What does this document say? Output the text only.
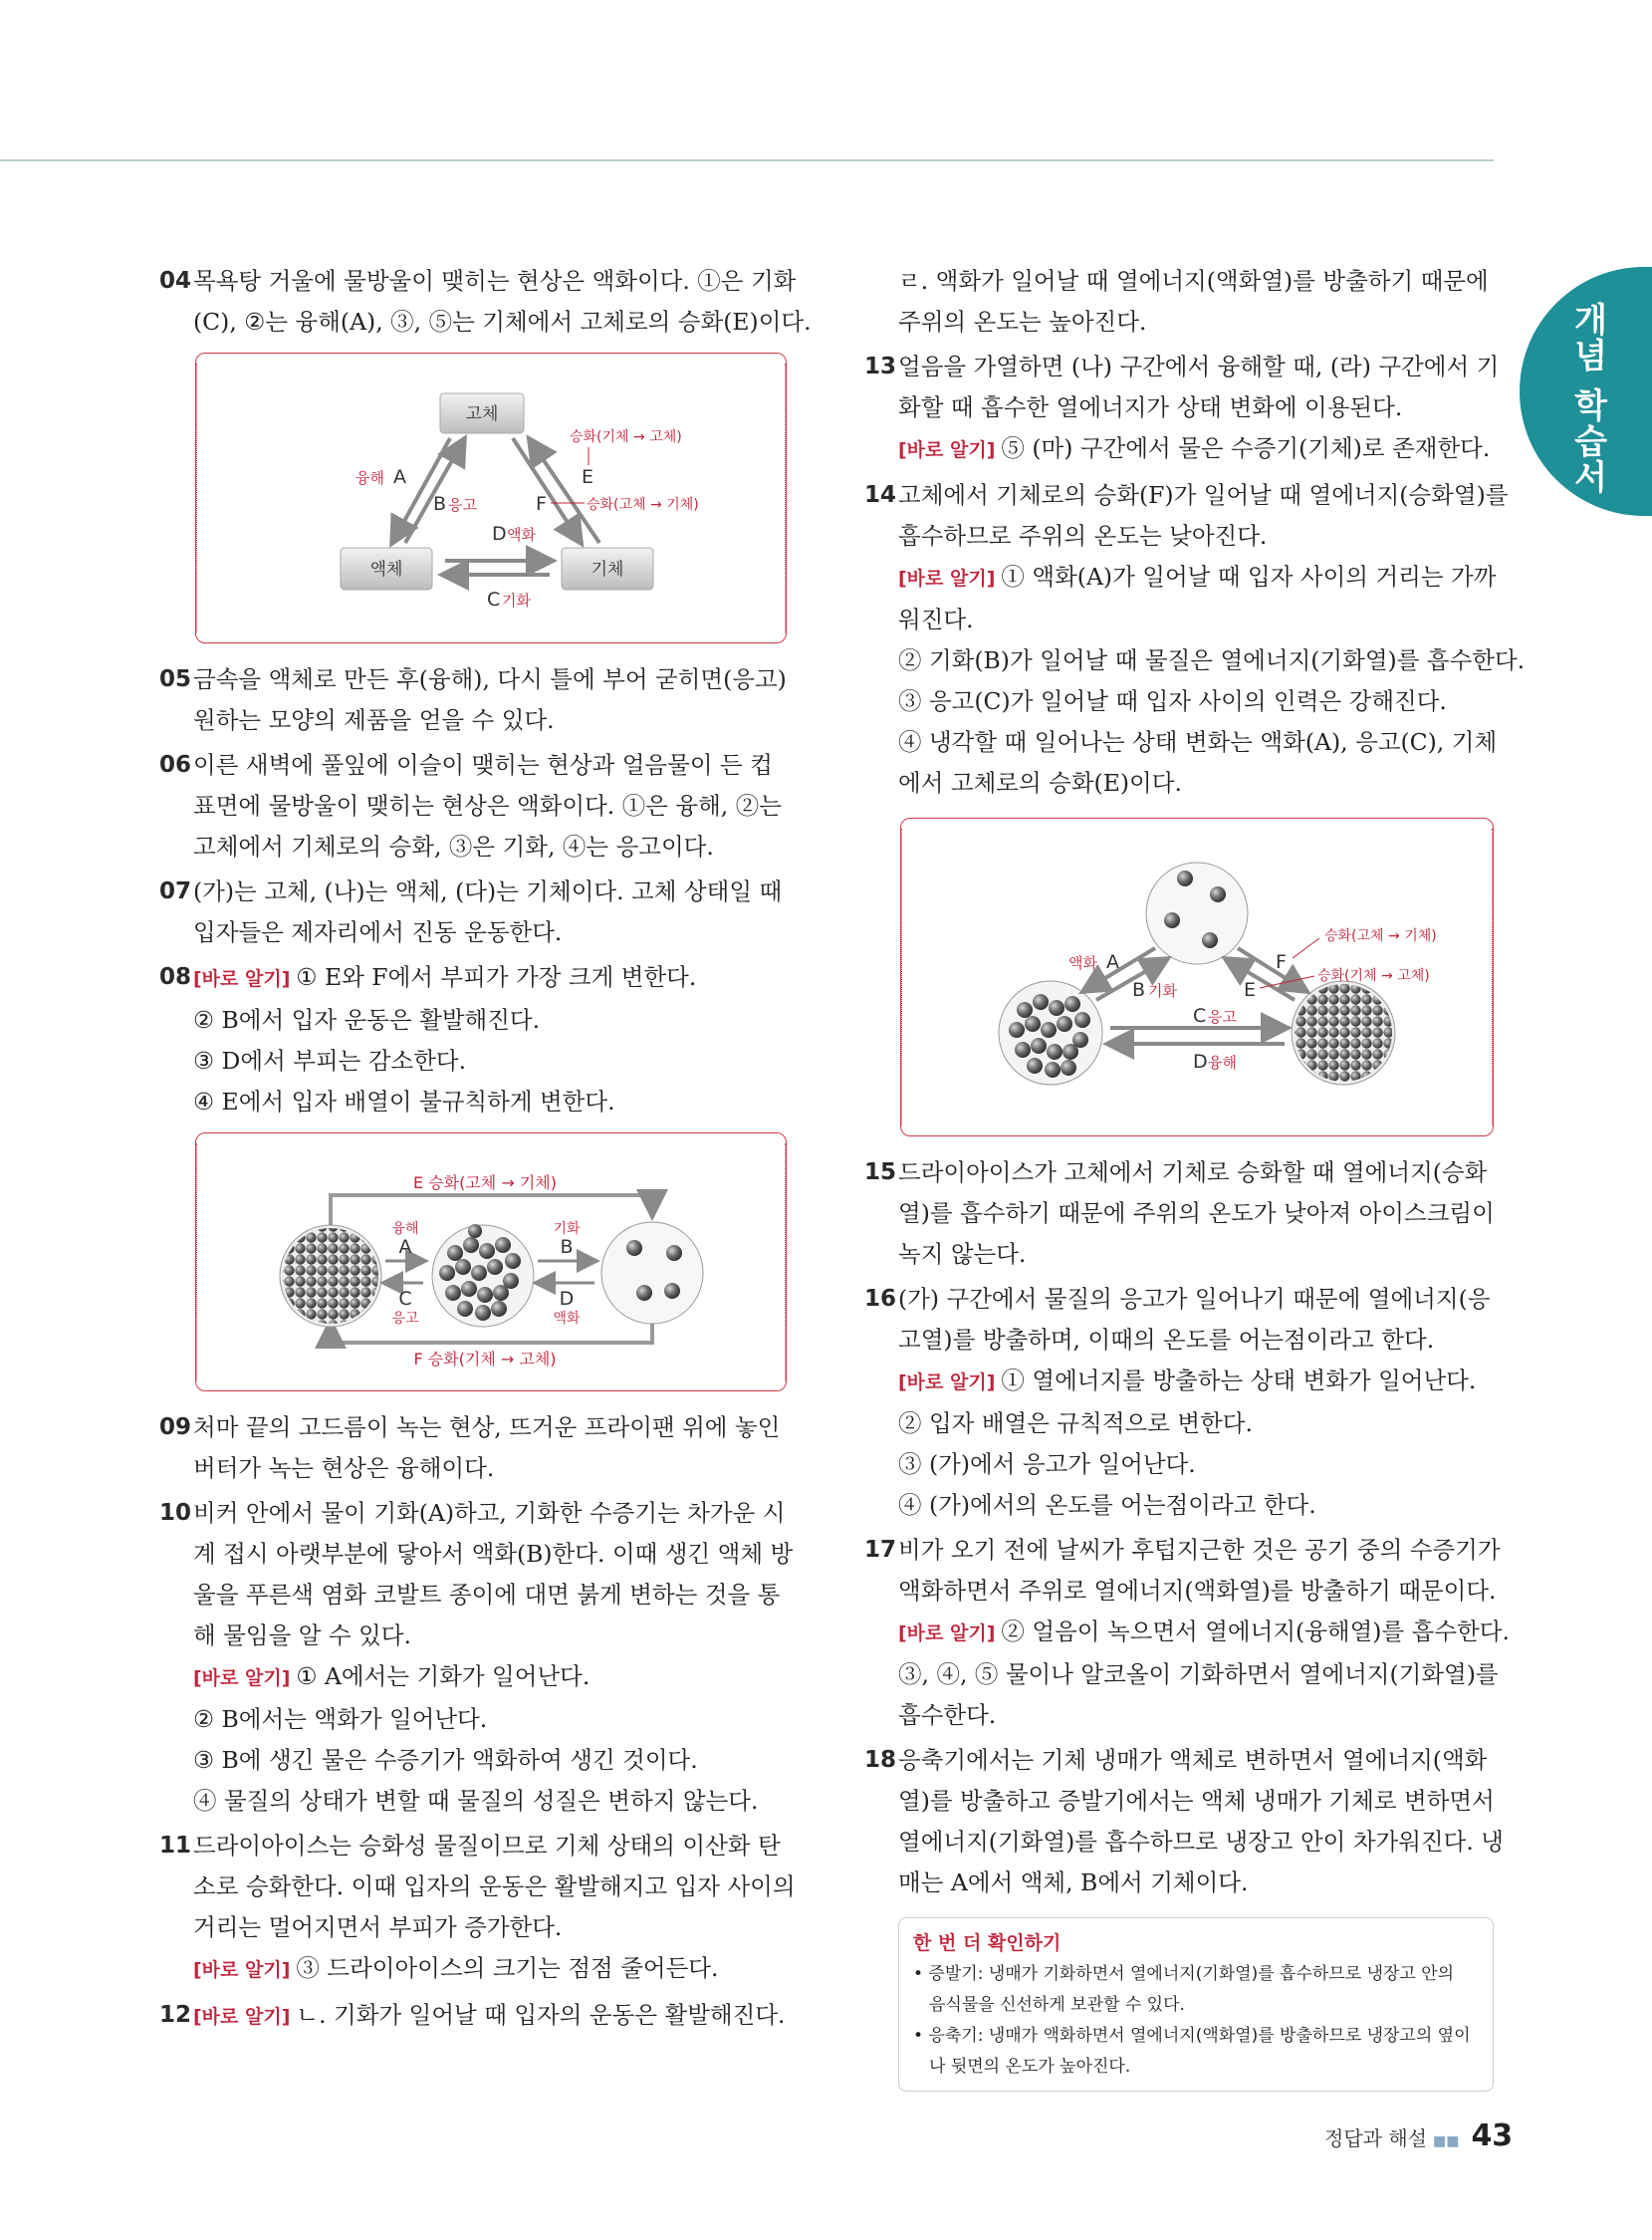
개념 학습서
04 목욕탕 거울에 물방울이 맺히는 현상은 액화이다. ①은 기화
(C), ②는 융해(A), ③, ⑤는 기체에서 고체로의 승화(E)이다.
고체
액체	기체
융해 A
B 응고
D 액화
C 기화
승화(기체 → 고체)
E
F	승화(고체 → 기체)
05 금속을 액체로 만든 후(융해), 다시 틀에 부어 굳히면(응고)
원하는 모양의 제품을 얻을 수 있다.
06 이른 새벽에 풀잎에 이슬이 맺히는 현상과 얼음물이 든 컵
표면에 물방울이 맺히는 현상은 액화이다. ①은 융해, ②는
고체에서 기체로의 승화, ③은 기화, ④는 응고이다.
07 (가)는 고체, (나)는 액체, (다)는 기체이다. 고체 상태일 때
입자들은 제자리에서 진동 운동한다.
08 [바로 알기] ① E와 F에서 부피가 가장 크게 변한다.
② B에서 입자 운동은 활발해진다.
③ D에서 부피는 감소한다.
④ E에서 입자 배열이 불규칙하게 변한다.
E 승화(고체 → 기체)
F 승화(기체 → 고체)
융해
A
C
응고
기화
B
D
액화
09 처마 끝의 고드름이 녹는 현상, 뜨거운 프라이팬 위에 놓인
버터가 녹는 현상은 융해이다.
10 비커 안에서 물이 기화(A)하고, 기화한 수증기는 차가운 시
계 접시 아랫부분에 닿아서 액화(B)한다. 이때 생긴 액체 방
울을 푸른색 염화 코발트 종이에 대면 붉게 변하는 것을 통
해 물임을 알 수 있다.
[바로 알기] ① A에서는 기화가 일어난다.
② B에서는 액화가 일어난다.
③ B에 생긴 물은 수증기가 액화하여 생긴 것이다.
④ 물질의 상태가 변할 때 물질의 성질은 변하지 않는다.
11 드라이아이스는 승화성 물질이므로 기체 상태의 이산화 탄
소로 승화한다. 이때 입자의 운동은 활발해지고 입자 사이의
거리는 멀어지면서 부피가 증가한다.
[바로 알기] ③ 드라이아이스의 크기는 점점 줄어든다.
12 [바로 알기] ㄴ. 기화가 일어날 때 입자의 운동은 활발해진다.
ㄹ. 액화가 일어날 때 열에너지(액화열)를 방출하기 때문에
주위의 온도는 높아진다.
13 얼음을 가열하면 (나) 구간에서 융해할 때, (라) 구간에서 기
화할 때 흡수한 열에너지가 상태 변화에 이용된다.
[바로 알기] ⑤ (마) 구간에서 물은 수증기(기체)로 존재한다.
14 고체에서 기체로의 승화(F)가 일어날 때 열에너지(승화열)를
흡수하므로 주위의 온도는 낮아진다.
[바로 알기] ① 액화(A)가 일어날 때 입자 사이의 거리는 가까
워진다.
② 기화(B)가 일어날 때 물질은 열에너지(기화열)를 흡수한다.
③ 응고(C)가 일어날 때 입자 사이의 인력은 강해진다.
④ 냉각할 때 일어나는 상태 변화는 액화(A), 응고(C), 기체
에서 고체로의 승화(E)이다.
액화 A
B 기화
C 응고
D 융해
F
승화(고체 → 기체)
E
승화(기체 → 고체)
15 드라이아이스가 고체에서 기체로 승화할 때 열에너지(승화
열)를 흡수하기 때문에 주위의 온도가 낮아져 아이스크림이
녹지 않는다.
16 (가) 구간에서 물질의 응고가 일어나기 때문에 열에너지(응
고열)를 방출하며, 이때의 온도를 어는점이라고 한다.
[바로 알기] ① 열에너지를 방출하는 상태 변화가 일어난다.
② 입자 배열은 규칙적으로 변한다.
③ (가)에서 응고가 일어난다.
④ (가)에서의 온도를 어는점이라고 한다.
17 비가 오기 전에 날씨가 후텁지근한 것은 공기 중의 수증기가
액화하면서 주위로 열에너지(액화열)를 방출하기 때문이다.
[바로 알기] ② 얼음이 녹으면서 열에너지(융해열)를 흡수한다.
③, ④, ⑤ 물이나 알코올이 기화하면서 열에너지(기화열)를
흡수한다.
18 응축기에서는 기체 냉매가 액체로 변하면서 열에너지(액화
열)를 방출하고 증발기에서는 액체 냉매가 기체로 변하면서
열에너지(기화열)를 흡수하므로 냉장고 안이 차가워진다. 냉
매는 A에서 액체, B에서 기체이다.
한 번 더 확인하기
• 증발기: 냉매가 기화하면서 열에너지(기화열)를 흡수하므로 냉장고 안의
음식물을 신선하게 보관할 수 있다.
• 응축기: 냉매가 액화하면서 열에너지(액화열)를 방출하므로 냉장고의 옆이
나 뒷면의 온도가 높아진다.
정답과 해설 ■■ 43
